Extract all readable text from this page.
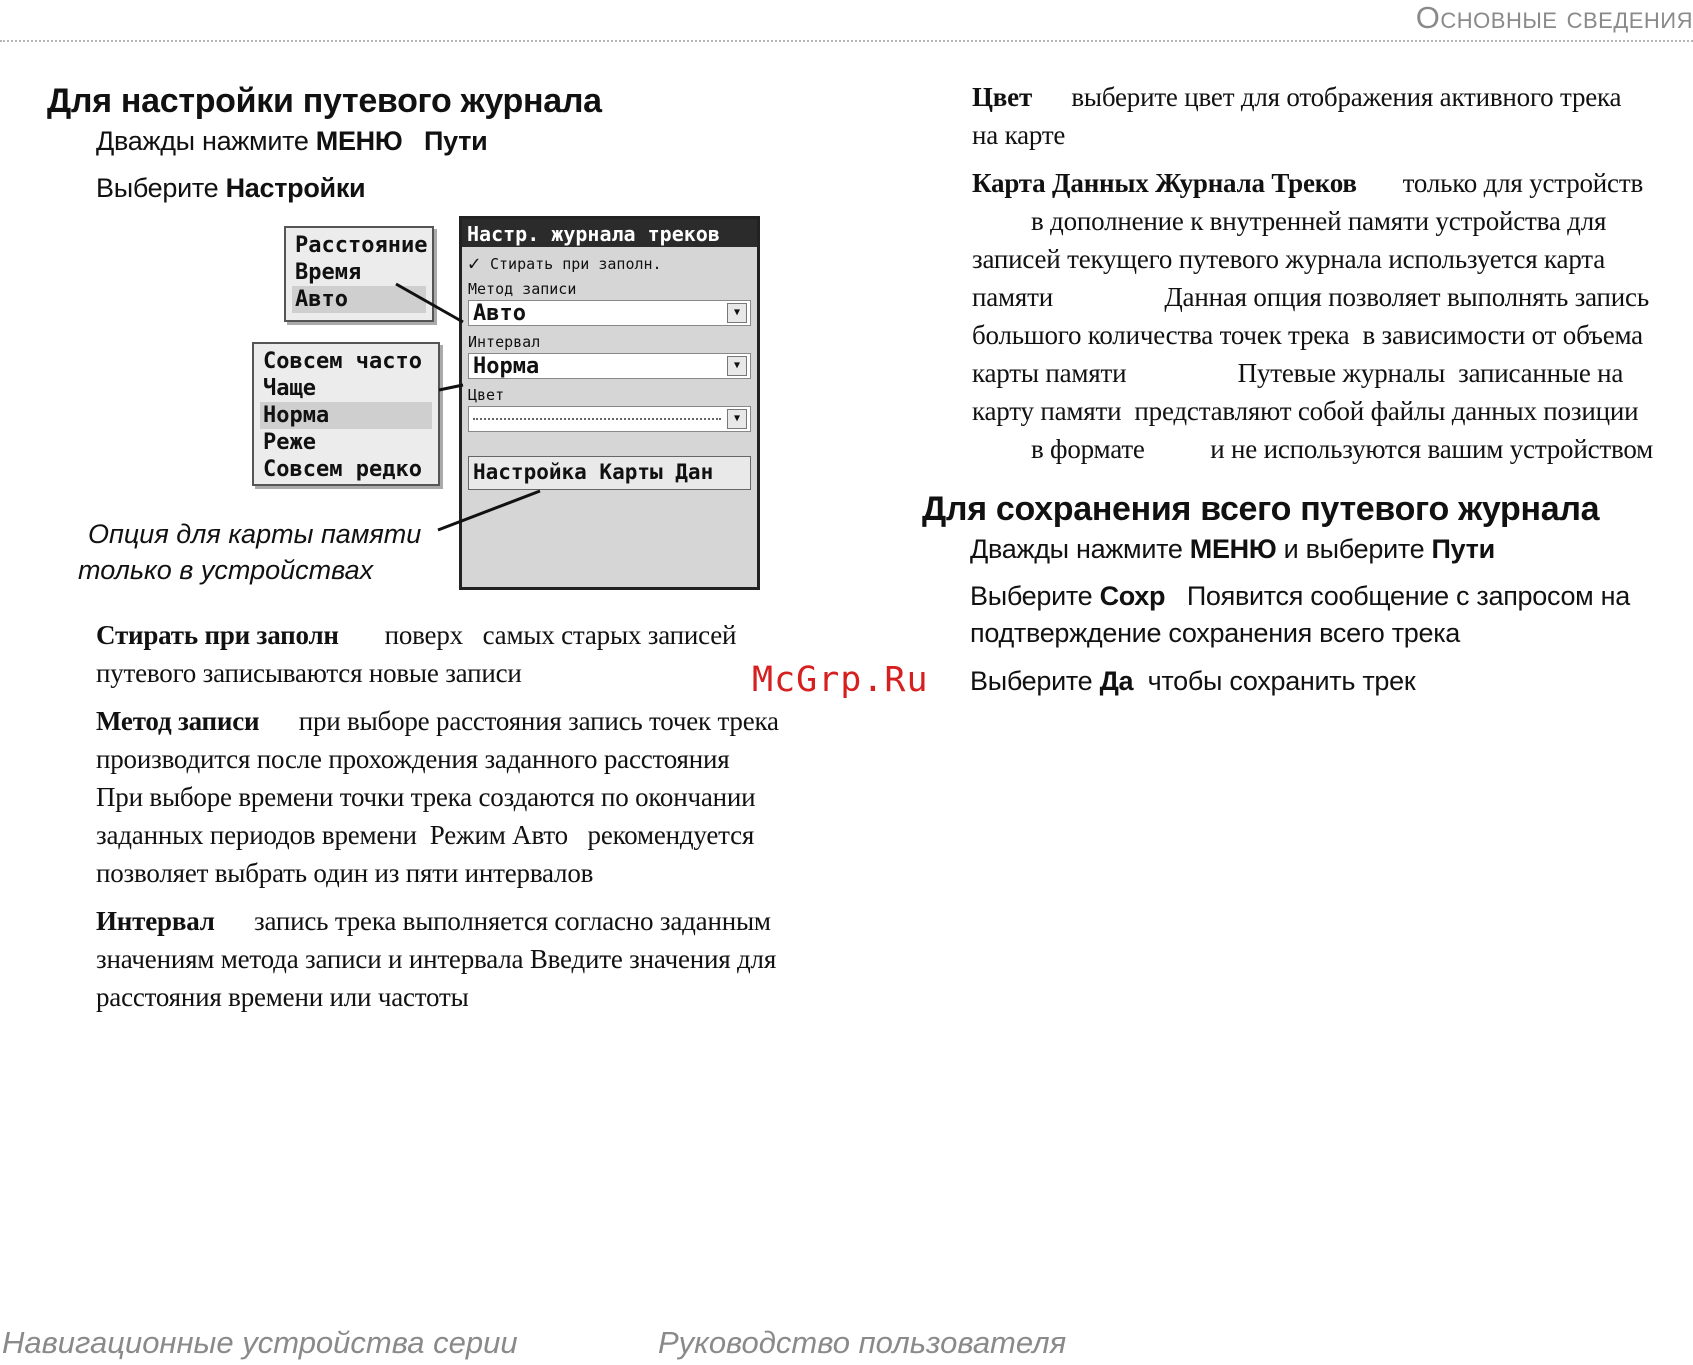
Основные сведения
Для настройки путевого журнала
Дважды нажмите МЕНЮ Пути
Выберите Настройки
Расстояние
Время
Авто
Совсем часто
Чаще
Норма
Реже
Совсем редко
Настр. журнала треков
✓ Стирать при заполн.
Метод записи
Авто	▼
Интервал
Норма	▼
Цвет
▼
Настройка Карты Дан
Опция для карты памяти
только в устройствах

Стирать при заполн       поверх   самых старых записей
путевого записываются новые записи

Метод записи      при выборе расстояния запись точек трека
производится после прохождения заданного расстояния
При выборе времени точки трека создаются по окончании
заданных периодов времени  Режим Авто   рекомендуется
позволяет выбрать один из пяти интервалов

Интервал      запись трека выполняется согласно заданным
значениям метода записи и интервала Введите значения для
расстояния времени или частоты

Цвет      выберите цвет для отображения активного трека
на карте

Карта Данных Журнала Треков       только для устройств
в дополнение к внутренней памяти устройства для
записей текущего путевого журнала используется карта
памяти                 Данная опция позволяет выполнять запись
большого количества точек трека  в зависимости от объема
карты памяти                 Путевые журналы  записанные на
карту памяти  представляют собой файлы данных позиции
в формате          и не используются вашим устройством

Для сохранения всего путевого журнала
Дважды нажмите МЕНЮ и выберите Пути
Выберите Сохр   Появится сообщение с запросом на
подтверждение сохранения всего трека
Выберите Да  чтобы сохранить трек
McGrp.Ru
Навигационные устройства серии	Руководство пользователя
